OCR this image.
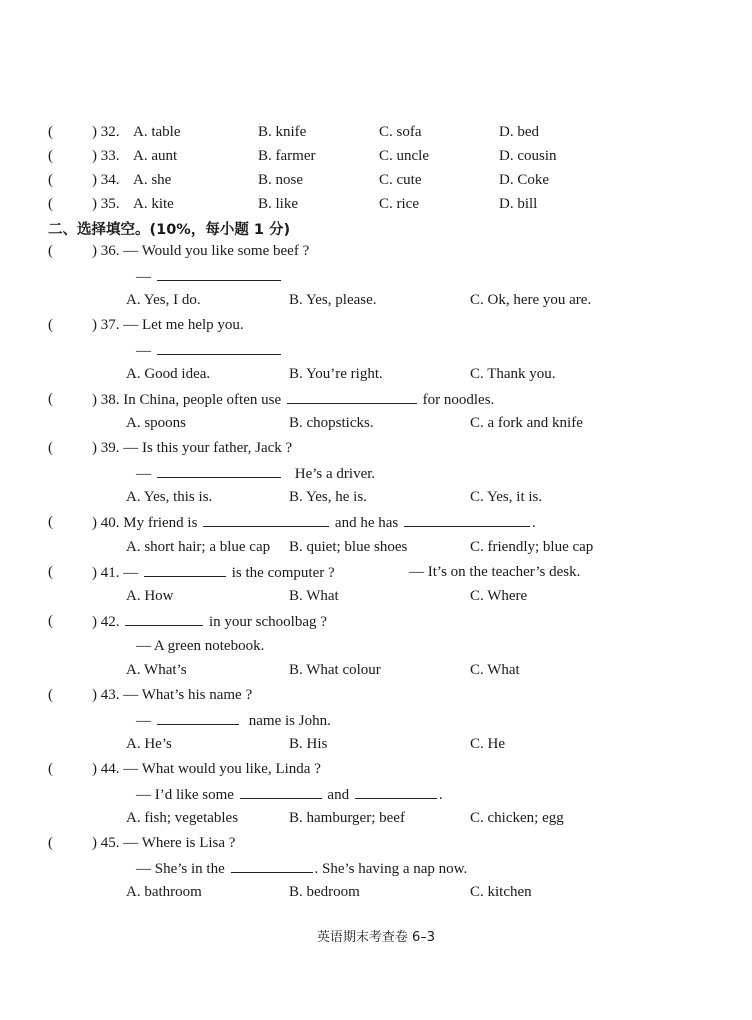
(	) 32. A. table	B. knife	C. sofa	D. bed
(	) 33. A. aunt	B. farmer	C. uncle	D. cousin
(	) 34. A. she	B. nose	C. cute	D. Coke
(	) 35. A. kite	B. like	C. rice	D. bill
二、选择填空。(10%，每小题 1 分)
(	) 36. — Would you like some beef ?
—
A. Yes, I do.	B. Yes, please.	C. Ok, here you are.
(	) 37. — Let me help you.
—
A. Good idea.	B. You’re right.	C. Thank you.
(	) 38. In China, people often use	for noodles.
A. spoons	B. chopsticks.	C. a fork and knife
(	) 39. — Is this your father, Jack ?
—	He’s a driver.
A. Yes, this is.	B. Yes, he is.	C. Yes, it is.
(	) 40. My friend is	and he has	.
A. short hair; a blue cap B. quiet; blue shoes	C. friendly; blue cap
(	) 41. —	is the computer ?	— It’s on the teacher’s desk.
A. How	B. What	C. Where
(	) 42.	in your schoolbag ?
— A green notebook.
A. What’s	B. What colour	C. What
(	) 43. — What’s his name ?
—	name is John.
A. He’s	B. His	C. He
(	) 44. — What would you like, Linda ?
— I’d like some	and	.
A. fish; vegetables	B. hamburger; beef	C. chicken; egg
(	) 45. — Where is Lisa ?
— She’s in the	. She’s having a nap now.
A. bathroom	B. bedroom	C. kitchen
英语期末考查卷 6–3
